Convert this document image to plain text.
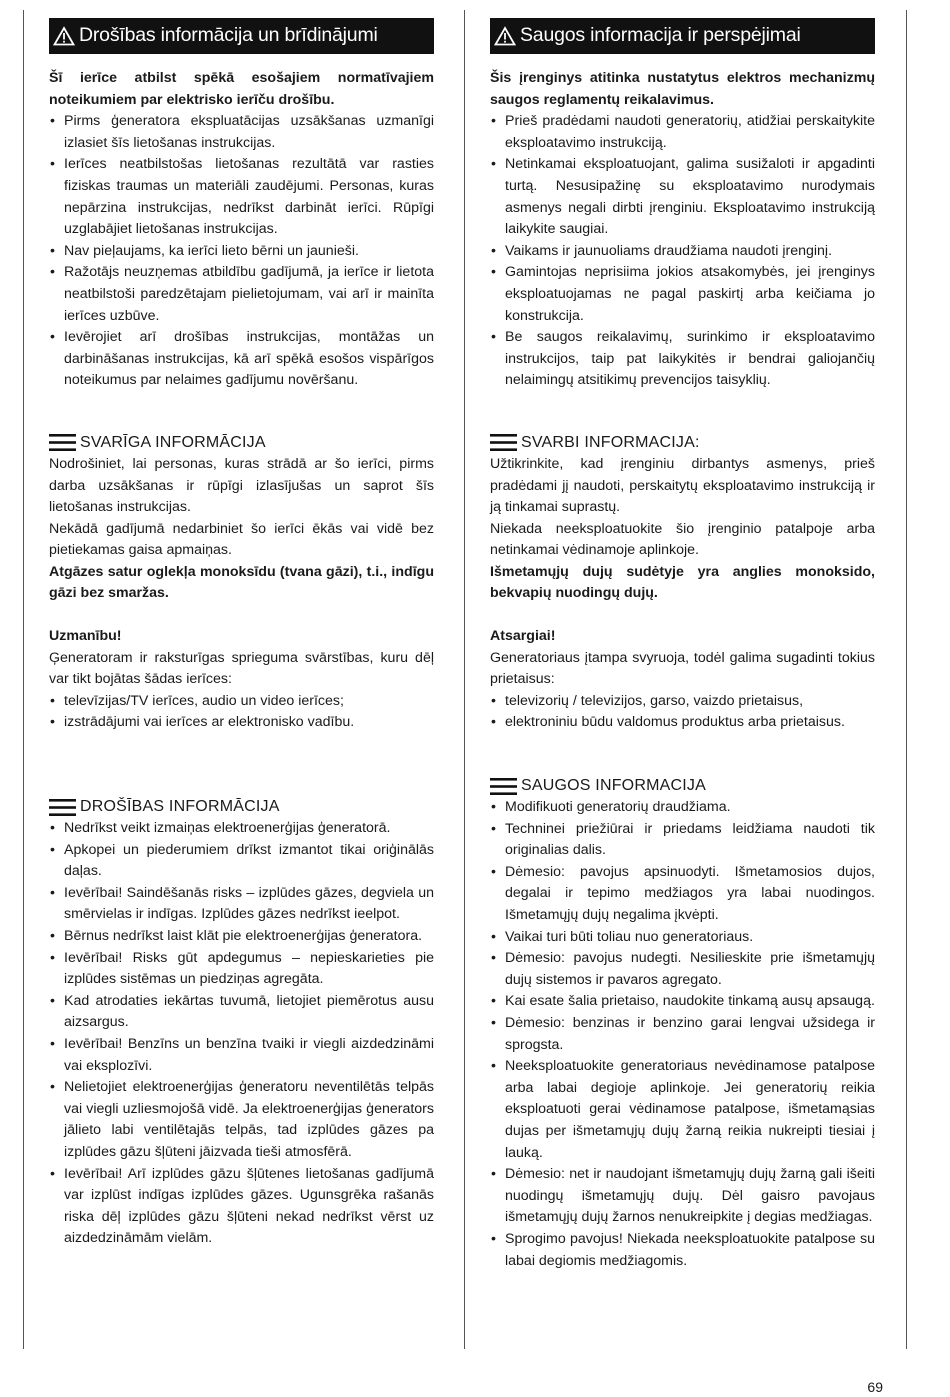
Drošības informācija un brīdinājumi

Šī ierīce atbilst spēkā esošajiem normatīvajiem noteikumiem par elektrisko ierīču drošību.

• Pirms ģeneratora ekspluatācijas uzsākšanas uzmanīgi izlasiet šīs lietošanas instrukcijas.
• Ierīces neatbilstošas lietošanas rezultātā var rasties fiziskas traumas un materiāli zaudējumi. Personas, kuras nepārzina instrukcijas, nedrīkst darbināt ierīci. Rūpīgi uzglabājiet lietošanas instrukcijas.
• Nav pieļaujams, ka ierīci lieto bērni un jaunieši.
• Ražotājs neuzņemas atbildību gadījumā, ja ierīce ir lietota neatbilstoši paredzētajam pielietojumam, vai arī ir mainīta ierīces uzbūve.
• Ievērojiet arī drošības instrukcijas, montāžas un darbināšanas instrukcijas, kā arī spēkā esošos vispārīgos noteikumus par nelaimes gadījumu novēršanu.
SVARĪGA INFORMĀCIJA

Nodrošiniet, lai personas, kuras strādā ar šo ierīci, pirms darba uzsākšanas ir rūpīgi izlasījušas un saprot šīs lietošanas instrukcijas.

Nekādā gadījumā nedarbiniet šo ierīci ēkās vai vidē bez pietiekamas gaisa apmaiņas.

Atgāzes satur oglekļa monoksīdu (tvana gāzi), t.i., indīgu gāzi bez smaržas.

Uzmanību!

Ģeneratoram ir raksturīgas sprieguma svārstības, kuru dēļ var tikt bojātas šādas ierīces:

• televīzijas/TV ierīces, audio un video ierīces;
• izstrādājumi vai ierīces ar elektronisko vadību.
DROŠĪBAS INFORMĀCIJA
• Nedrīkst veikt izmaiņas elektroenerģijas ģeneratorā.
• Apkopei un piederumiem drīkst izmantot tikai oriģinālās daļas.
• Ievērībai! Saindēšanās risks – izplūdes gāzes, degviela un smērvielas ir indīgas. Izplūdes gāzes nedrīkst ieelpot.
• Bērnus nedrīkst laist klāt pie elektroenerģijas ģeneratora.
• Ievērībai! Risks gūt apdegumus – nepieskarieties pie izplūdes sistēmas un piedziņas agregāta.
• Kad atrodaties iekārtas tuvumā, lietojiet piemērotus ausu aizsargus.
• Ievērībai! Benzīns un benzīna tvaiki ir viegli aizdedzināmi vai eksplozīvi.
• Nelietojiet elektroenerģijas ģeneratoru neventilētās telpās vai viegli uzliesmojošā vidē. Ja elektroenerģijas ģenerators jālieto labi ventilētajās telpās, tad izplūdes gāzes pa izplūdes gāzu šļūteni jāizvada tieši atmosfērā.
• Ievērībai! Arī izplūdes gāzu šļūtenes lietošanas gadījumā var izplūst indīgas izplūdes gāzes. Ugunsgrēka rašanās riska dēļ izplūdes gāzu šļūteni nekad nedrīkst vērst uz aizdedzināmām vielām.
Saugos informacija ir perspėjimai

Šis įrenginys atitinka nustatytus elektros mechanizmų saugos reglamentų reikalavimus.

• Prieš pradėdami naudoti generatorių, atidžiai perskaitykite eksploatavimo instrukciją.
• Netinkamai eksploatuojant, galima susižaloti ir apgadinti turtą. Nesusipažinę su eksploatavimo nurodymais asmenys negali dirbti įrenginiu. Eksploatavimo instrukciją laikykite saugiai.
• Vaikams ir jaunuoliams draudžiama naudoti įrenginį.
• Gamintojas neprisiima jokios atsakomybės, jei įrenginys eksploatuojamas ne pagal paskirtį arba keičiama jo konstrukcija.
• Be saugos reikalavimų, surinkimo ir eksploatavimo instrukcijos, taip pat laikykitės ir bendrai galiojančių nelaimingų atsitikimų prevencijos taisyklių.
SVARBI INFORMACIJA:

Užtikrinkite, kad įrenginiu dirbantys asmenys, prieš pradėdami jį naudoti, perskaitytų eksploatavimo instrukciją ir ją tinkamai suprastų.

Niekada neeksploatuokite šio įrenginio patalpoje arba netinkamai vėdinamoje aplinkoje.

Išmetamųjų dujų sudėtyje yra anglies monoksido, bekvapių nuodingų dujų.

Atsargiai!

Generatoriaus įtampa svyruoja, todėl galima sugadinti tokius prietaisus:

• televizorių / televizijos, garso, vaizdo prietaisus,
• elektroniniu būdu valdomus produktus arba prietaisus.
SAUGOS INFORMACIJA
• Modifikuoti generatorių draudžiama.
• Techninei priežiūrai ir priedams leidžiama naudoti tik originalias dalis.
• Dėmesio: pavojus apsinuodyti. Išmetamosios dujos, degalai ir tepimo medžiagos yra labai nuodingos. Išmetamųjų dujų negalima įkvėpti.
• Vaikai turi būti toliau nuo generatoriaus.
• Dėmesio: pavojus nudegti. Nesilieskite prie išmetamųjų dujų sistemos ir pavaros agregato.
• Kai esate šalia prietaiso, naudokite tinkamą ausų apsaugą.
• Dėmesio: benzinas ir benzino garai lengvai užsidega ir sprogsta.
• Neeksploatuokite generatoriaus nevėdinamose patalpose arba labai degioje aplinkoje. Jei generatorių reikia eksploatuoti gerai vėdinamose patalpose, išmetamąsias dujas per išmetamųjų dujų žarną reikia nukreipti tiesiai į lauką.
• Dėmesio: net ir naudojant išmetamųjų dujų žarną gali išeiti nuodingų išmetamųjų dujų. Dėl gaisro pavojaus išmetamųjų dujų žarnos nenukreipkite į degias medžiagas.
• Sprogimo pavojus! Niekada neeksploatuokite patalpose su labai degiomis medžiagomis.
69
